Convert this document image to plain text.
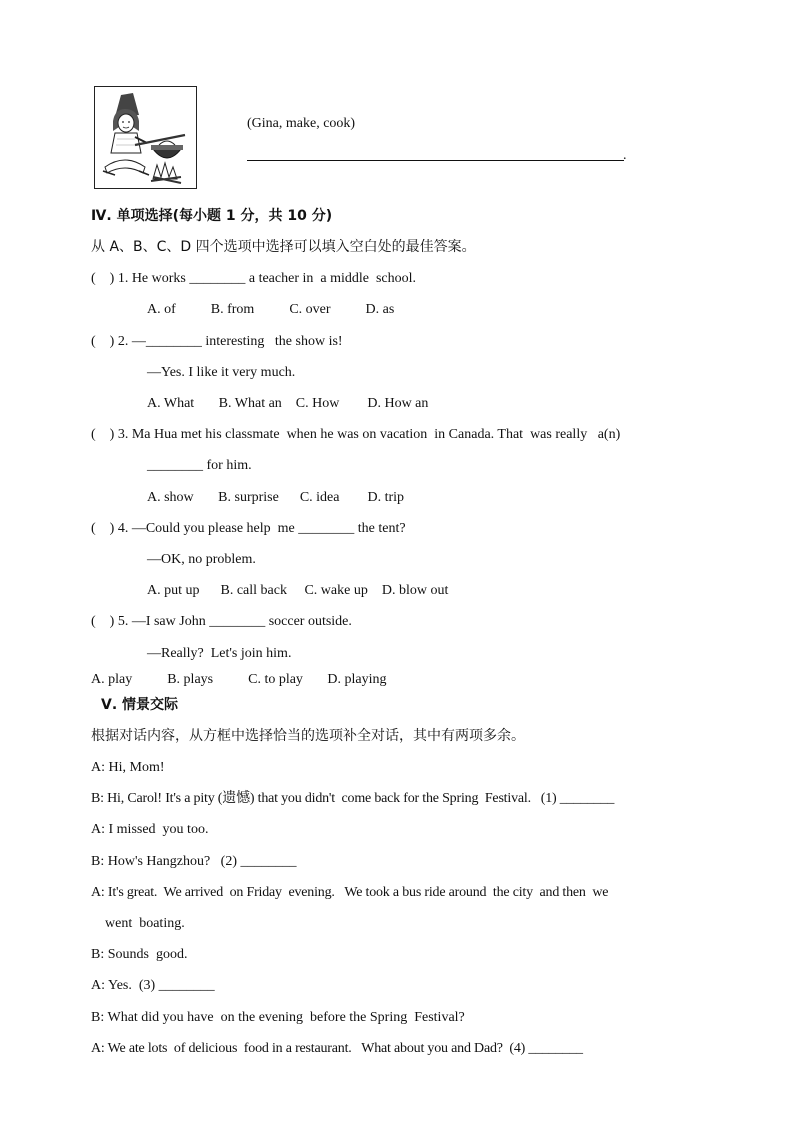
(Gina, make, cook)
.
Ⅳ. 单项选择(每小题 1 分，共 10 分)
从 A、B、C、D 四个选项中选择可以填入空白处的最佳答案。
(    ) 1. He works ________ a teacher in  a middle  school.
A. of          B. from          C. over          D. as
(    ) 2. —________ interesting   the show is!
—Yes. I like it very much.
A. What       B. What an    C. How        D. How an
(    ) 3. Ma Hua met his classmate  when he was on vacation  in Canada. That  was really   a(n)
________ for him.
A. show       B. surprise      C. idea        D. trip
(    ) 4. —Could you please help  me ________ the tent?
—OK, no problem.
A. put up      B. call back     C. wake up    D. blow out
(    ) 5. —I saw John ________ soccer outside.
—Really?  Let's join him.
A. play          B. plays          C. to play       D. playing
Ⅴ. 情景交际
根据对话内容，从方框中选择恰当的选项补全对话，其中有两项多余。
A: Hi, Mom!
B: Hi, Carol! It's a pity (遗憾) that you didn't  come back for the Spring  Festival.   (1) ________
A: I missed  you too.
B: How's Hangzhou?   (2) ________
A: It's great.  We arrived  on Friday  evening.   We took a bus ride around  the city  and then  we
went  boating.
B: Sounds  good.
A: Yes.  (3) ________
B: What did you have  on the evening  before the Spring  Festival?
A: We ate lots  of delicious  food in a restaurant.   What about you and Dad?  (4) ________
